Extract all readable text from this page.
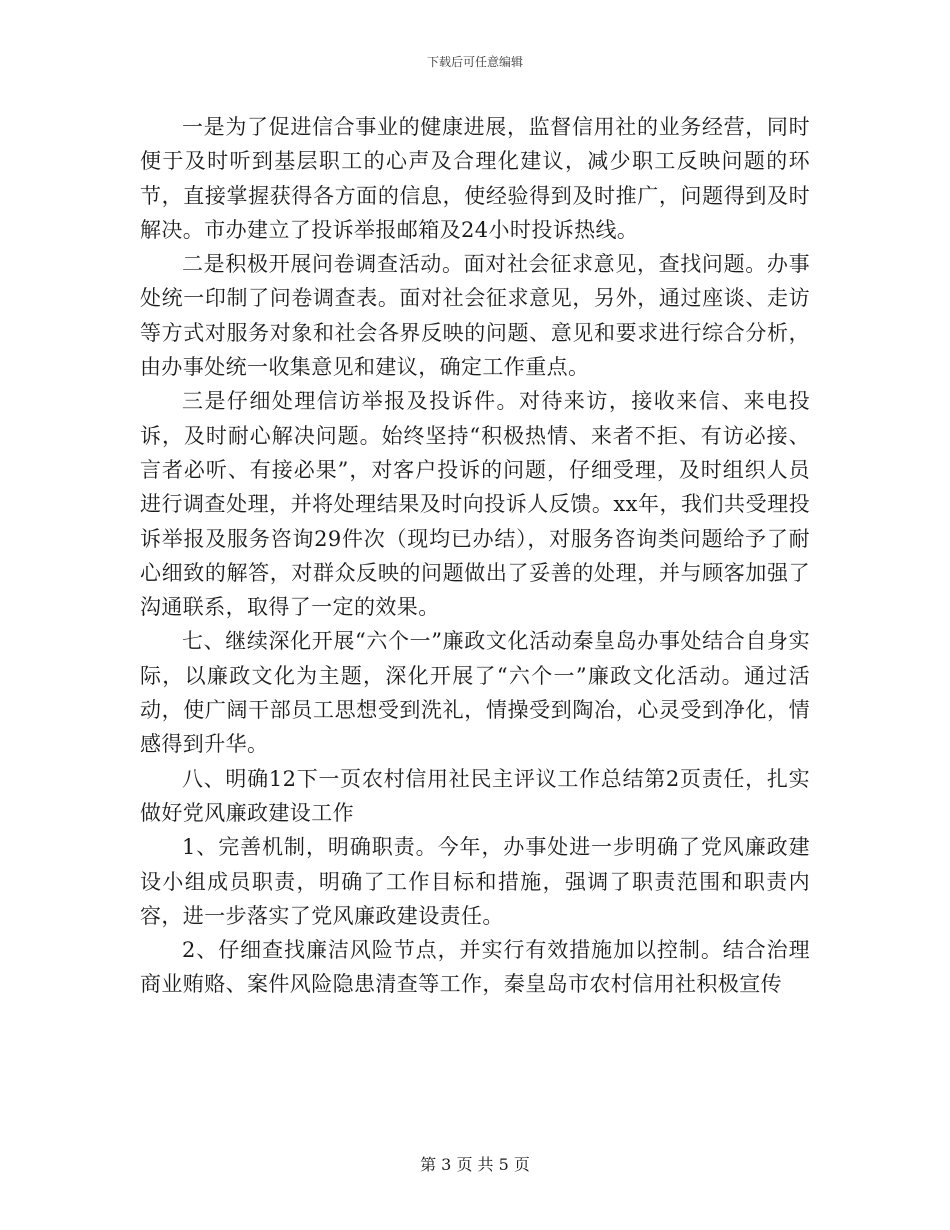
下载后可任意编辑

一是为了促进信合事业的健康进展，监督信用社的业务经营，同时便于及时听到基层职工的心声及合理化建议，减少职工反映问题的环节，直接掌握获得各方面的信息，使经验得到及时推广，问题得到及时解决。市办建立了投诉举报邮箱及24小时投诉热线。

二是积极开展问卷调查活动。面对社会征求意见，查找问题。办事处统一印制了问卷调查表。面对社会征求意见，另外，通过座谈、走访等方式对服务对象和社会各界反映的问题、意见和要求进行综合分析，由办事处统一收集意见和建议，确定工作重点。

三是仔细处理信访举报及投诉件。对待来访，接收来信、来电投诉，及时耐心解决问题。始终坚持“积极热情、来者不拒、有访必接、言者必听、有接必果”，对客户投诉的问题，仔细受理，及时组织人员进行调查处理，并将处理结果及时向投诉人反馈。xx年，我们共受理投诉举报及服务咨询29件次（现均已办结），对服务咨询类问题给予了耐心细致的解答，对群众反映的问题做出了妥善的处理，并与顾客加强了沟通联系，取得了一定的效果。

七、继续深化开展“六个一”廉政文化活动秦皇岛办事处结合自身实际，以廉政文化为主题，深化开展了“六个一”廉政文化活动。通过活动，使广阔干部员工思想受到洗礼，情操受到陶冶，心灵受到净化，情感得到升华。

八、明确12下一页农村信用社民主评议工作总结第2页责任，扎实做好党风廉政建设工作

1、完善机制，明确职责。今年，办事处进一步明确了党风廉政建设小组成员职责，明确了工作目标和措施，强调了职责范围和职责内容，进一步落实了党风廉政建设责任。

2、仔细查找廉洁风险节点，并实行有效措施加以控制。结合治理商业贿赂、案件风险隐患清查等工作，秦皇岛市农村信用社积极宣传

第 3 页 共 5 页
